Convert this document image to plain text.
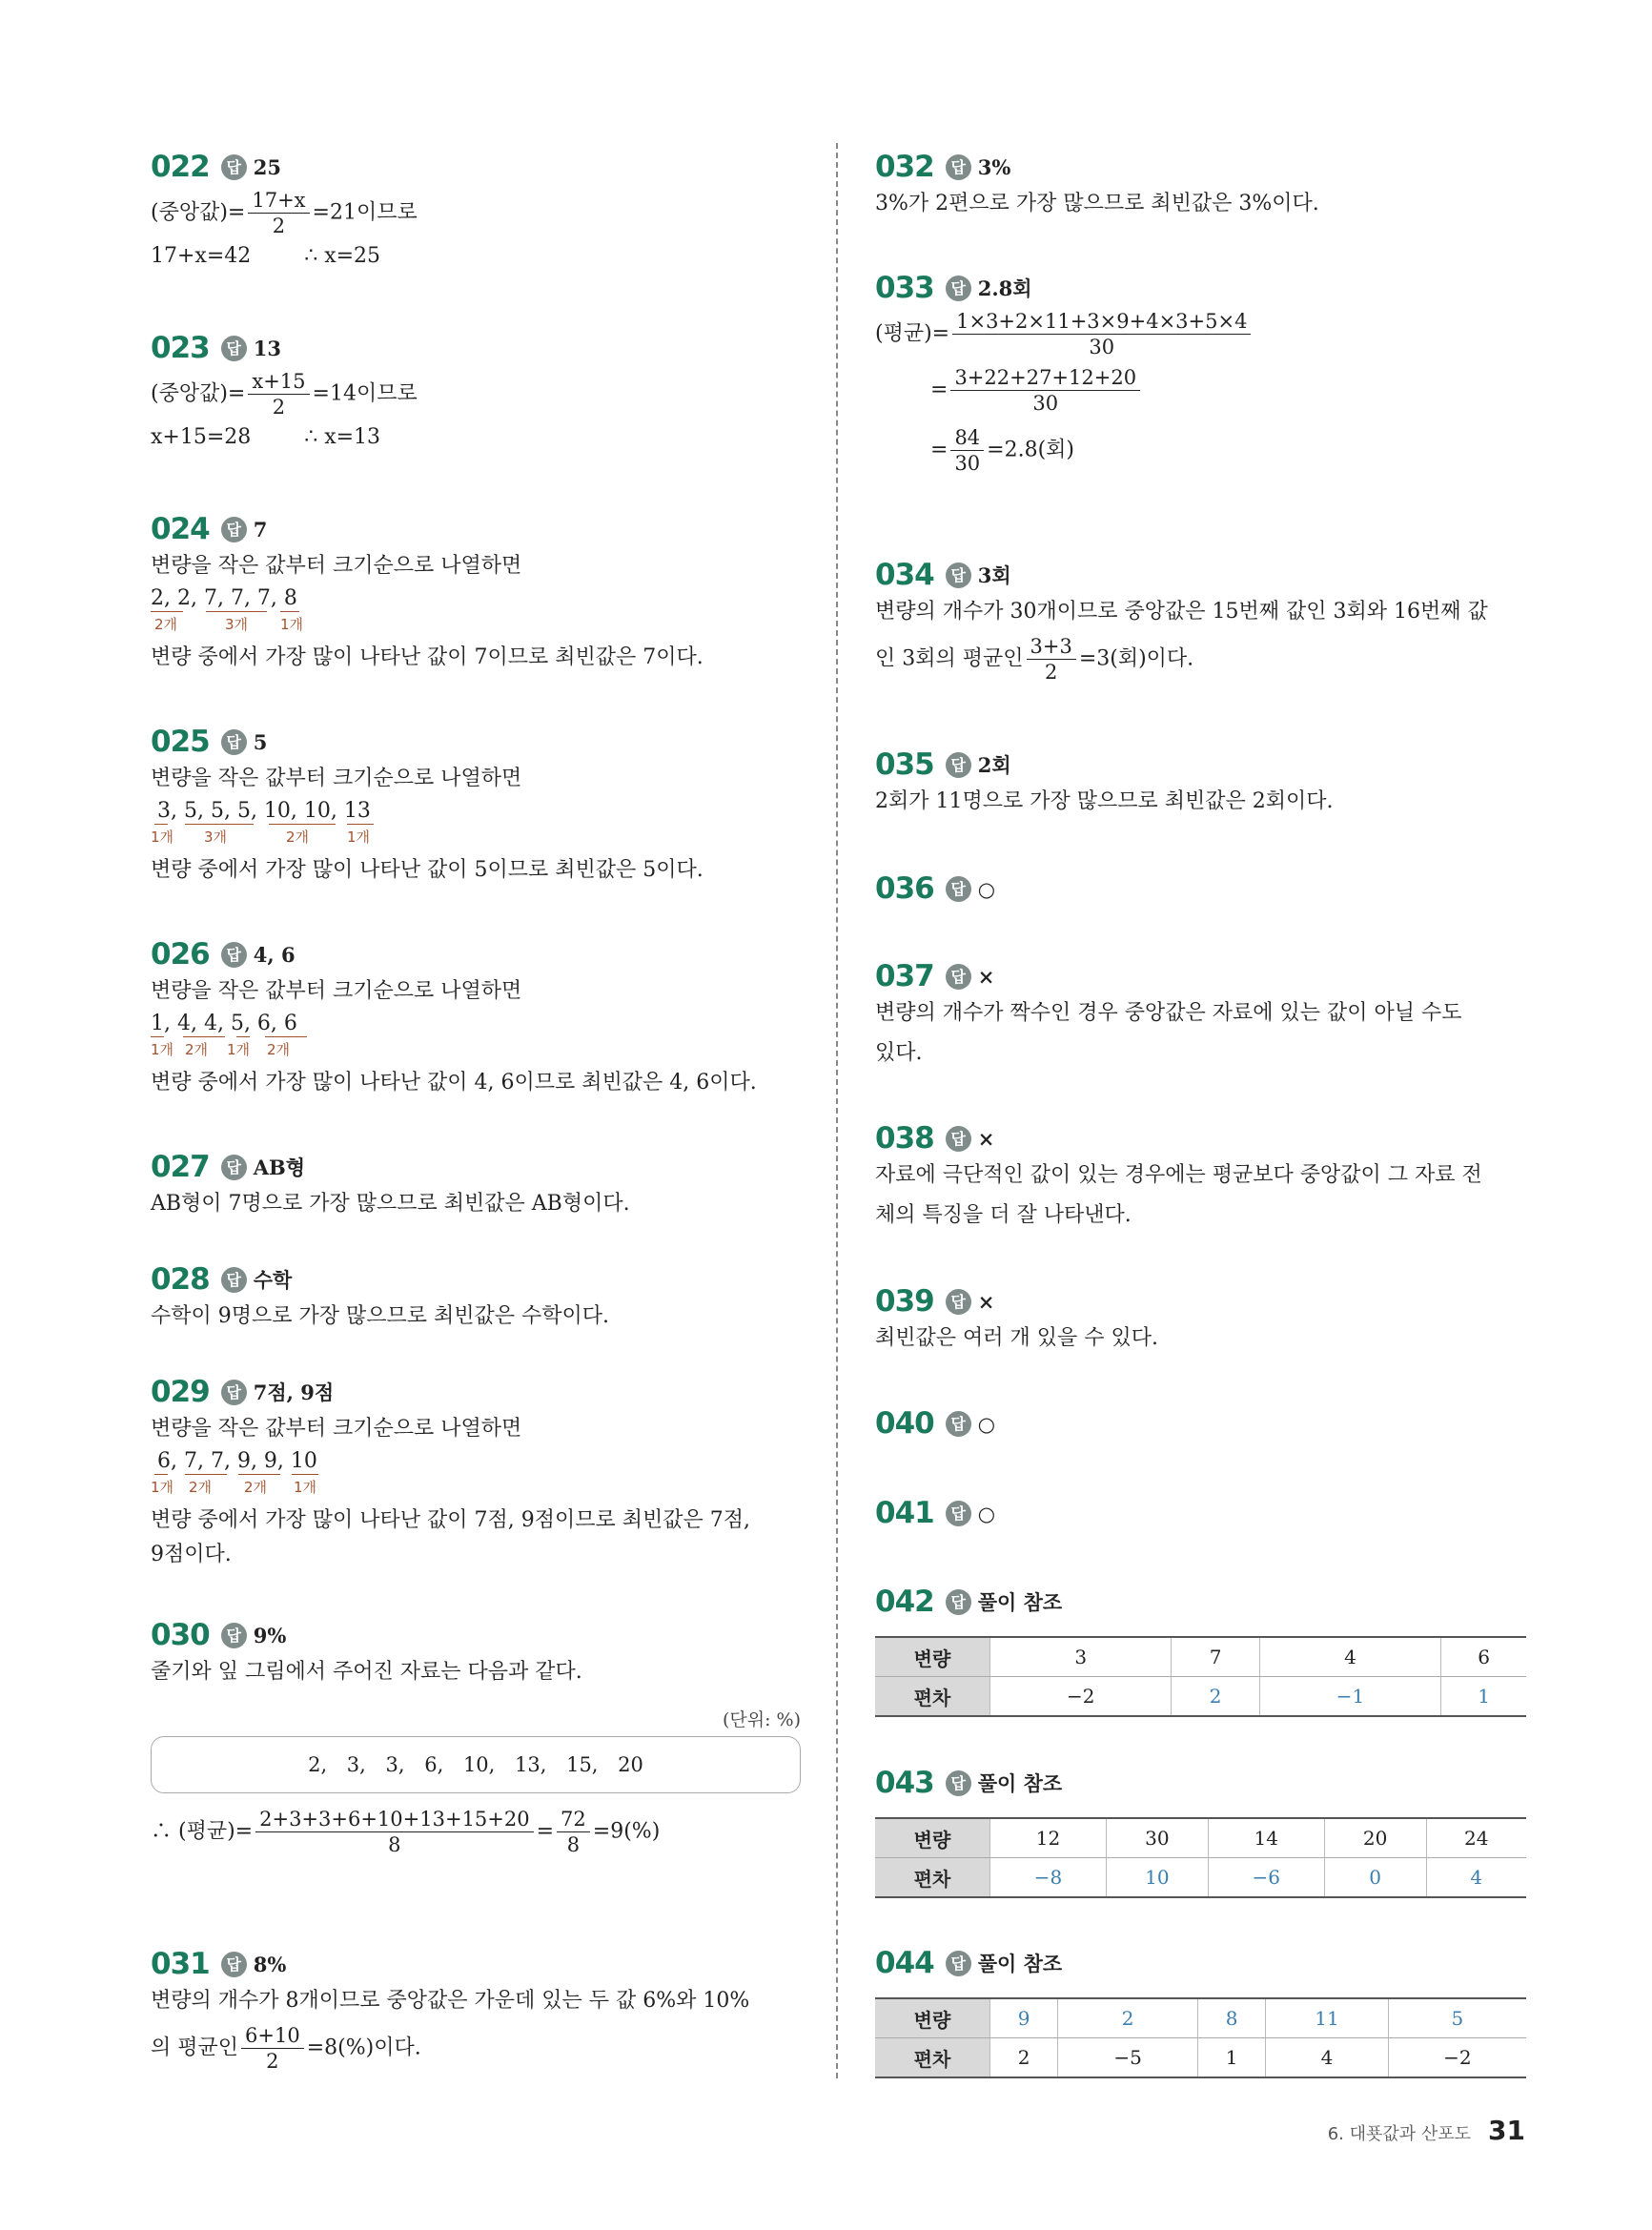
022	답 25
(중앙값)= $\frac{17+x}{2} =21$이므로
17+x=42        ∴ x=25
023	답 13
(중앙값)= $\frac{x+15}{2} =14$이므로
x+15=28        ∴ x=13
024	답 7
변량을 작은 값부터 크기순으로 나열하면
2, 2, 7, 7, 7, 8
2개	3개 1개
변량 중에서 가장 많이 나타난 값이 7이므로 최빈값은 7이다.
025	답 5
변량을 작은 값부터 크기순으로 나열하면
3, 5, 5, 5, 10, 10, 13
1개 3개	2개	1개
변량 중에서 가장 많이 나타난 값이 5이므로 최빈값은 5이다.
026	답 4, 6
변량을 작은 값부터 크기순으로 나열하면
1, 4, 4, 5, 6, 6
1개 2개 1개 2개
변량 중에서 가장 많이 나타난 값이 4, 6이므로 최빈값은 4, 6이다.
027	답 AB형
AB형이 7명으로 가장 많으므로 최빈값은 AB형이다.
028	답 수학
수학이 9명으로 가장 많으므로 최빈값은 수학이다.
029	답 7점, 9점
변량을 작은 값부터 크기순으로 나열하면
6, 7, 7, 9, 9, 10
1개 2개 2개 1개
변량 중에서 가장 많이 나타난 값이 7점, 9점이므로 최빈값은 7점,
9점이다.
030	답 9%
줄기와 잎 그림에서 주어진 자료는 다음과 같다.
(단위: %)
2, 3, 3, 6, 10, 13, 15, 20
∴ (평균)= $\frac{2+3+3+6+10+13+15+20}{8} = \frac{72}{8} =9(\%)$
031	답 8%
변량의 개수가 8개이므로 중앙값은 가운데 있는 두 값 6%와 10%
의 평균인 $\frac{6+10}{2} =8(\%)$이다.
032	답 3%
3%가 2편으로 가장 많으므로 최빈값은 3%이다.
033	답 2.8회
(평균)= $\frac{1\times 3+2\times 11+3\times 9+4\times 3+5\times 4}{30}$
= $\frac{3+22+27+12+20}{30}$
= $\frac{84}{30} =2.8$(회)
034	답 3회
변량의 개수가 30개이므로 중앙값은 15번째 값인 3회와 16번째 값
인 3회의 평균인 $\frac{3+3}{2} =3$(회)이다.
035	답 2회
2회가 11명으로 가장 많으므로 최빈값은 2회이다.
036	답 ○
037	답 ×
변량의 개수가 짝수인 경우 중앙값은 자료에 있는 값이 아닐 수도
있다.
038	답 ×
자료에 극단적인 값이 있는 경우에는 평균보다 중앙값이 그 자료 전
체의 특징을 더 잘 나타낸다.
039	답 ×
최빈값은 여러 개 있을 수 있다.
040	답 ○
041	답 ○
042	답 풀이 참조
변량	3	7	4	6
편차	−2	2	−1	1
043	답 풀이 참조
변량	12	30	14	20	24
편차	−8	10	−6	0	4
044	답 풀이 참조
변량	9	2	8	11	5
편차	2	−5	1	4	−2
6. 대푯값과 산포도 31
